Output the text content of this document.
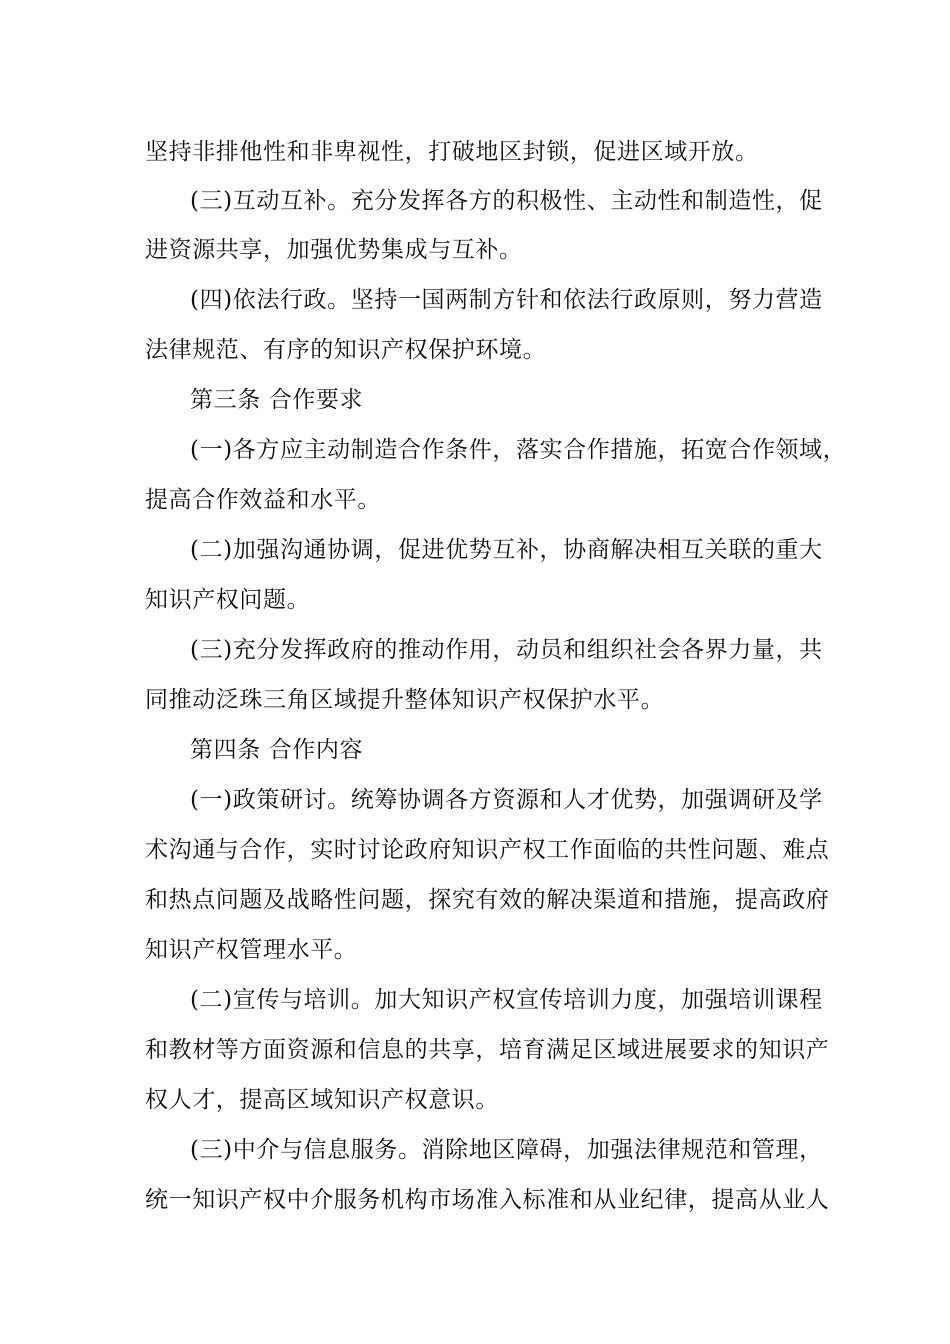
坚持非排他性和非卑视性，打破地区封锁，促进区域开放。

(三)互动互补。充分发挥各方的积极性、主动性和制造性，促

进资源共享，加强优势集成与互补。

(四)依法行政。坚持一国两制方针和依法行政原则，努力营造

法律规范、有序的知识产权保护环境。

第三条 合作要求

(一)各方应主动制造合作条件，落实合作措施，拓宽合作领域，

提高合作效益和水平。

(二)加强沟通协调，促进优势互补，协商解决相互关联的重大

知识产权问题。

(三)充分发挥政府的推动作用，动员和组织社会各界力量，共

同推动泛珠三角区域提升整体知识产权保护水平。

第四条 合作内容

(一)政策研讨。统筹协调各方资源和人才优势，加强调研及学

术沟通与合作，实时讨论政府知识产权工作面临的共性问题、难点

和热点问题及战略性问题，探究有效的解决渠道和措施，提高政府

知识产权管理水平。

(二)宣传与培训。加大知识产权宣传培训力度，加强培训课程

和教材等方面资源和信息的共享，培育满足区域进展要求的知识产

权人才，提高区域知识产权意识。

(三)中介与信息服务。消除地区障碍，加强法律规范和管理，

统一知识产权中介服务机构市场准入标准和从业纪律，提高从业人
